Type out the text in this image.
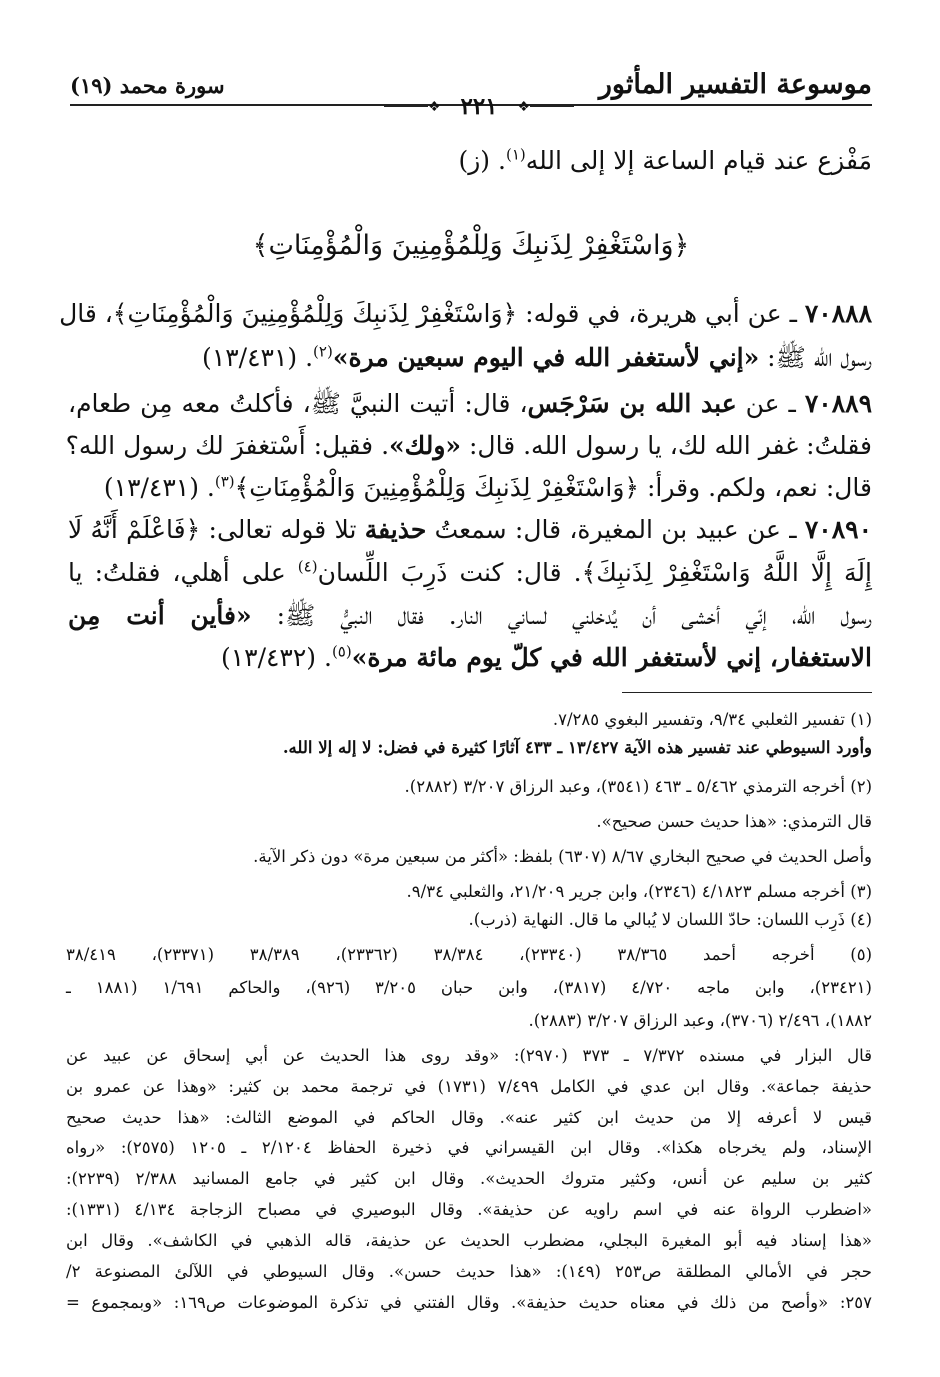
موسوعة التفسير المأثور
سورة محمد (١٩)
❖ ٢٢١	❖
مَفْزع عند قيام الساعة إلا إلى الله$^{(١)}$. (ز)
﴿وَاسْتَغْفِرْ لِذَنبِكَ وَلِلْمُؤْمِنِينَ وَالْمُؤْمِنَاتِ﴾
٧٠٨٨٨ ـ عن أبي هريرة، في قوله: ﴿وَاسْتَغْفِرْ لِذَنبِكَ وَلِلْمُؤْمِنِينَ وَالْمُؤْمِنَاتِ﴾، قال
رسول الله ﷺ: «إني لأستغفر الله في اليوم سبعين مرة»$^{(٢)}$. (١٣/٤٣١)
٧٠٨٨٩ ـ عن عبد الله بن سَرْجَس، قال: أتيت النبيَّ ﷺ، فأكلتُ معه مِن طعام،
فقلتُ: غفر الله لك، يا رسول الله. قال: «ولك». فقيل: أَسْتغفرَ لك رسول الله؟
قال: نعم، ولكم. وقرأ: ﴿وَاسْتَغْفِرْ لِذَنبِكَ وَلِلْمُؤْمِنِينَ وَالْمُؤْمِنَاتِ﴾$^{(٣)}$. (١٣/٤٣١)
٧٠٨٩٠ ـ عن عبيد بن المغيرة، قال: سمعتُ حذيفة تلا قوله تعالى: ﴿فَاعْلَمْ أَنَّهُ لَا
إِلَهَ إِلَّا اللَّهُ وَاسْتَغْفِرْ لِذَنبِكَ﴾. قال: كنت ذَرِبَ اللِّسان$^{(٤)}$ على أهلي، فقلتُ: يا
رسول الله، إنّي أخشى أن يُدخلني لساني النار. فقال النبيُّ ﷺ: «فأين أنت مِن
الاستغفار، إني لأستغفر الله في كلّ يوم مائة مرة»$^{(٥)}$. (١٣/٤٣٢)
(١) تفسير الثعلبي ٩/٣٤، وتفسير البغوي ٧/٢٨٥.
وأورد السيوطي عند تفسير هذه الآية ١٣/٤٢٧ ـ ٤٣٣ آثارًا كثيرة في فضل: لا إله إلا الله.
(٢) أخرجه الترمذي ٥/٤٦٢ ـ ٤٦٣ (٣٥٤١)، وعبد الرزاق ٣/٢٠٧ (٢٨٨٢).
قال الترمذي: «هذا حديث حسن صحيح».
وأصل الحديث في صحيح البخاري ٨/٦٧ (٦٣٠٧) بلفظ: «أكثر من سبعين مرة» دون ذكر الآية.
(٣) أخرجه مسلم ٤/١٨٢٣ (٢٣٤٦)، وابن جرير ٢١/٢٠٩، والثعلبي ٩/٣٤.
(٤) ذَرِب اللسان: حادّ اللسان لا يُبالي ما قال. النهاية (ذرب).
(٥) أخرجه أحمد ٣٨/٣٦٥ (٢٣٣٤٠)، ٣٨/٣٨٤ (٢٣٣٦٢)، ٣٨/٣٨٩ (٢٣٣٧١)، ٣٨/٤١٩
(٢٣٤٢١)، وابن ماجه ٤/٧٢٠ (٣٨١٧)، وابن حبان ٣/٢٠٥ (٩٢٦)، والحاكم ١/٦٩١ (١٨٨١ ـ
١٨٨٢)، ٢/٤٩٦ (٣٧٠٦)، وعبد الرزاق ٣/٢٠٧ (٢٨٨٣).
قال البزار في مسنده ٧/٣٧٢ ـ ٣٧٣ (٢٩٧٠): «وقد روى هذا الحديث عن أبي إسحاق عن عبيد عن
حذيفة جماعة». وقال ابن عدي في الكامل ٧/٤٩٩ (١٧٣١) في ترجمة محمد بن كثير: «وهذا عن عمرو بن
قيس لا أعرفه إلا من حديث ابن كثير عنه». وقال الحاكم في الموضع الثالث: «هذا حديث صحيح
الإسناد، ولم يخرجاه هكذا». وقال ابن القيسراني في ذخيرة الحفاظ ٢/١٢٠٤ ـ ١٢٠٥ (٢٥٧٥): «رواه
كثير بن سليم عن أنس، وكثير متروك الحديث». وقال ابن كثير في جامع المسانيد ٢/٣٨٨ (٢٢٣٩):
«اضطرب الرواة عنه في اسم راويه عن حذيفة». وقال البوصيري في مصباح الزجاجة ٤/١٣٤ (١٣٣١):
«هذا إسناد فيه أبو المغيرة البجلي، مضطرب الحديث عن حذيفة، قاله الذهبي في الكاشف». وقال ابن
حجر في الأمالي المطلقة ص٢٥٣ (١٤٩): «هذا حديث حسن». وقال السيوطي في اللآلئ المصنوعة ٢/
٢٥٧: «وأصح من ذلك في معناه حديث حذيفة». وقال الفتني في تذكرة الموضوعات ص١٦٩: «وبمجموع =
